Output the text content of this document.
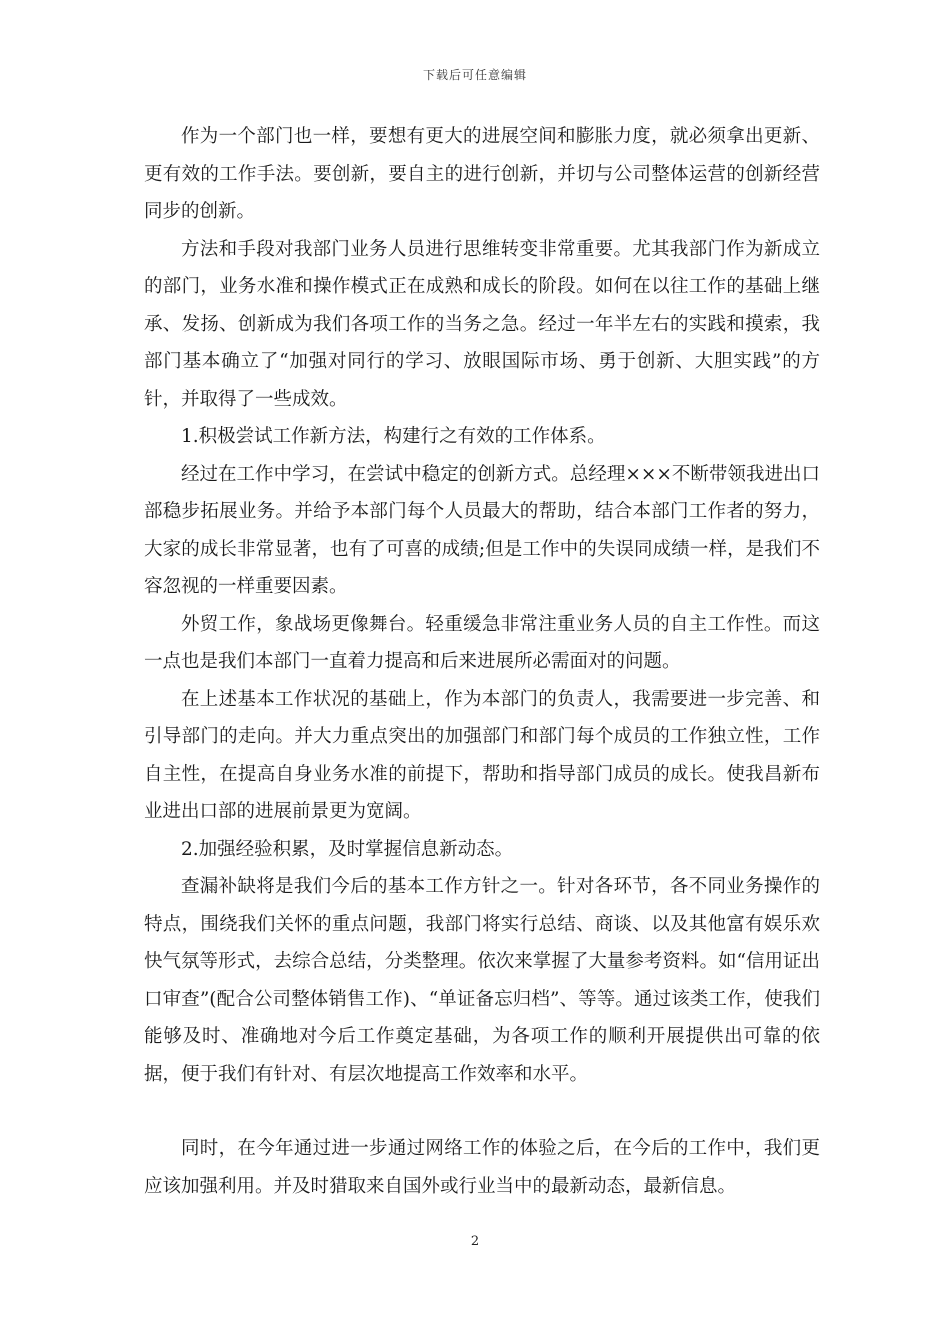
下载后可任意编辑

作为一个部门也一样，要想有更大的进展空间和膨胀力度，就必须拿出更新、更有效的工作手法。要创新，要自主的进行创新，并切与公司整体运营的创新经营同步的创新。

方法和手段对我部门业务人员进行思维转变非常重要。尤其我部门作为新成立的部门，业务水准和操作模式正在成熟和成长的阶段。如何在以往工作的基础上继承、发扬、创新成为我们各项工作的当务之急。经过一年半左右的实践和摸索，我部门基本确立了“加强对同行的学习、放眼国际市场、勇于创新、大胆实践”的方针，并取得了一些成效。

1.积极尝试工作新方法，构建行之有效的工作体系。

经过在工作中学习，在尝试中稳定的创新方式。总经理×××不断带领我进出口部稳步拓展业务。并给予本部门每个人员最大的帮助，结合本部门工作者的努力，大家的成长非常显著，也有了可喜的成绩;但是工作中的失误同成绩一样，是我们不容忽视的一样重要因素。

外贸工作，象战场更像舞台。轻重缓急非常注重业务人员的自主工作性。而这一点也是我们本部门一直着力提高和后来进展所必需面对的问题。

在上述基本工作状况的基础上，作为本部门的负责人，我需要进一步完善、和引导部门的走向。并大力重点突出的加强部门和部门每个成员的工作独立性，工作自主性，在提高自身业务水准的前提下，帮助和指导部门成员的成长。使我昌新布业进出口部的进展前景更为宽阔。

2.加强经验积累，及时掌握信息新动态。

查漏补缺将是我们今后的基本工作方针之一。针对各环节，各不同业务操作的特点，围绕我们关怀的重点问题，我部门将实行总结、商谈、以及其他富有娱乐欢快气氛等形式，去综合总结，分类整理。依次来掌握了大量参考资料。如“信用证出口审查”(配合公司整体销售工作)、“单证备忘归档”、等等。通过该类工作，使我们能够及时、准确地对今后工作奠定基础，为各项工作的顺利开展提供出可靠的依据，便于我们有针对、有层次地提高工作效率和水平。

同时，在今年通过进一步通过网络工作的体验之后，在今后的工作中，我们更应该加强利用。并及时猎取来自国外或行业当中的最新动态，最新信息。

2
